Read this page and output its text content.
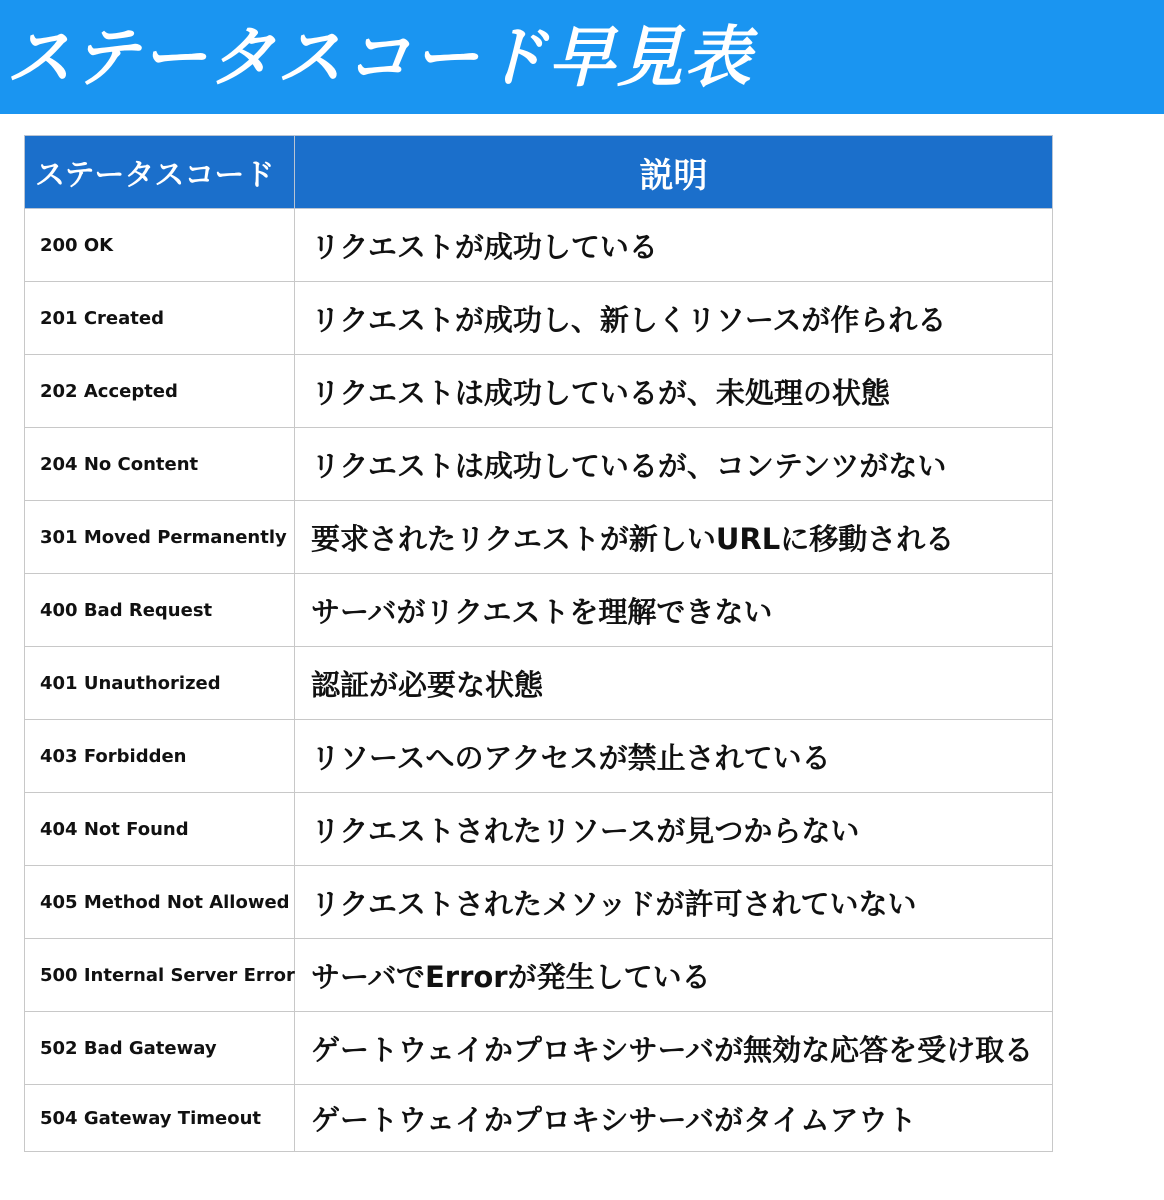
ステータスコード早見表
ステータスコード	説明
200 OK	リクエストが成功している
201 Created	リクエストが成功し、新しくリソースが作られる
202 Accepted	リクエストは成功しているが、未処理の状態
204 No Content	リクエストは成功しているが、コンテンツがない
301 Moved Permanently	要求されたリクエストが新しいURLに移動される
400 Bad Request	サーバがリクエストを理解できない
401 Unauthorized	認証が必要な状態
403 Forbidden	リソースへのアクセスが禁止されている
404 Not Found	リクエストされたリソースが見つからない
405 Method Not Allowed	リクエストされたメソッドが許可されていない
500 Internal Server Error	サーバでErrorが発生している
502 Bad Gateway	ゲートウェイかプロキシサーバが無効な応答を受け取る
504 Gateway Timeout	ゲートウェイかプロキシサーバがタイムアウト
